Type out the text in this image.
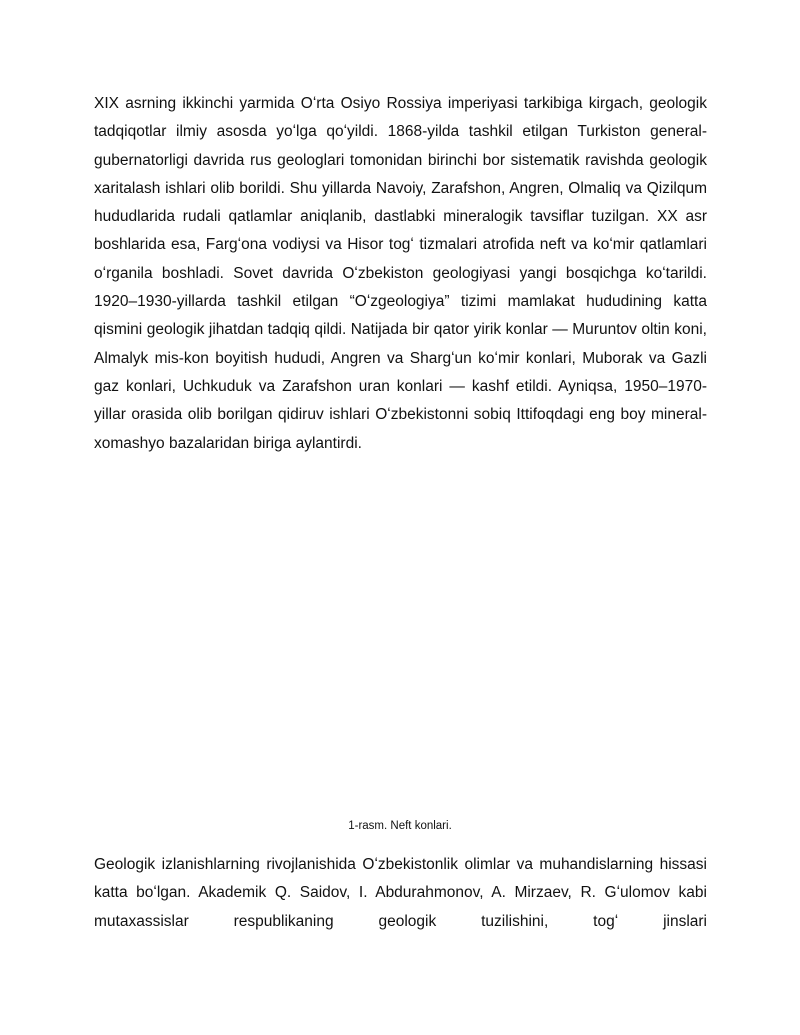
XIX asrning ikkinchi yarmida Oʻrta Osiyo Rossiya imperiyasi tarkibiga kirgach, geologik tadqiqotlar ilmiy asosda yoʻlga qoʻyildi. 1868-yilda tashkil etilgan Turkiston general-gubernatorligi davrida rus geologlari tomonidan birinchi bor sistematik ravishda geologik xaritalash ishlari olib borildi. Shu yillarda Navoiy, Zarafshon, Angren, Olmaliq va Qizilqum hududlarida rudali qatlamlar aniqlanib, dastlabki mineralogik tavsiflar tuzilgan. XX asr boshlarida esa, Fargʻona vodiysi va Hisor togʻ tizmalari atrofida neft va koʻmir qatlamlari oʻrganila boshladi. Sovet davrida Oʻzbekiston geologiyasi yangi bosqichga koʻtarildi. 1920–1930-yillarda tashkil etilgan “Oʻzgeologiya” tizimi mamlakat hududining katta qismini geologik jihatdan tadqiq qildi. Natijada bir qator yirik konlar — Muruntov oltin koni, Almalyk mis-kon boyitish hududi, Angren va Shargʻun koʻmir konlari, Muborak va Gazli gaz konlari, Uchkuduk va Zarafshon uran konlari — kashf etildi. Ayniqsa, 1950–1970-yillar orasida olib borilgan qidiruv ishlari Oʻzbekistonni sobiq Ittifoqdagi eng boy mineral-xomashyo bazalaridan biriga aylantirdi.

1-rasm. Neft konlari.

Geologik izlanishlarning rivojlanishida Oʻzbekistonlik olimlar va muhandislarning hissasi katta boʻlgan. Akademik Q. Saidov, I. Abdurahmonov, A. Mirzaev, R. Gʻulomov kabi mutaxassislar respublikaning geologik tuzilishini, togʻ jinslari
